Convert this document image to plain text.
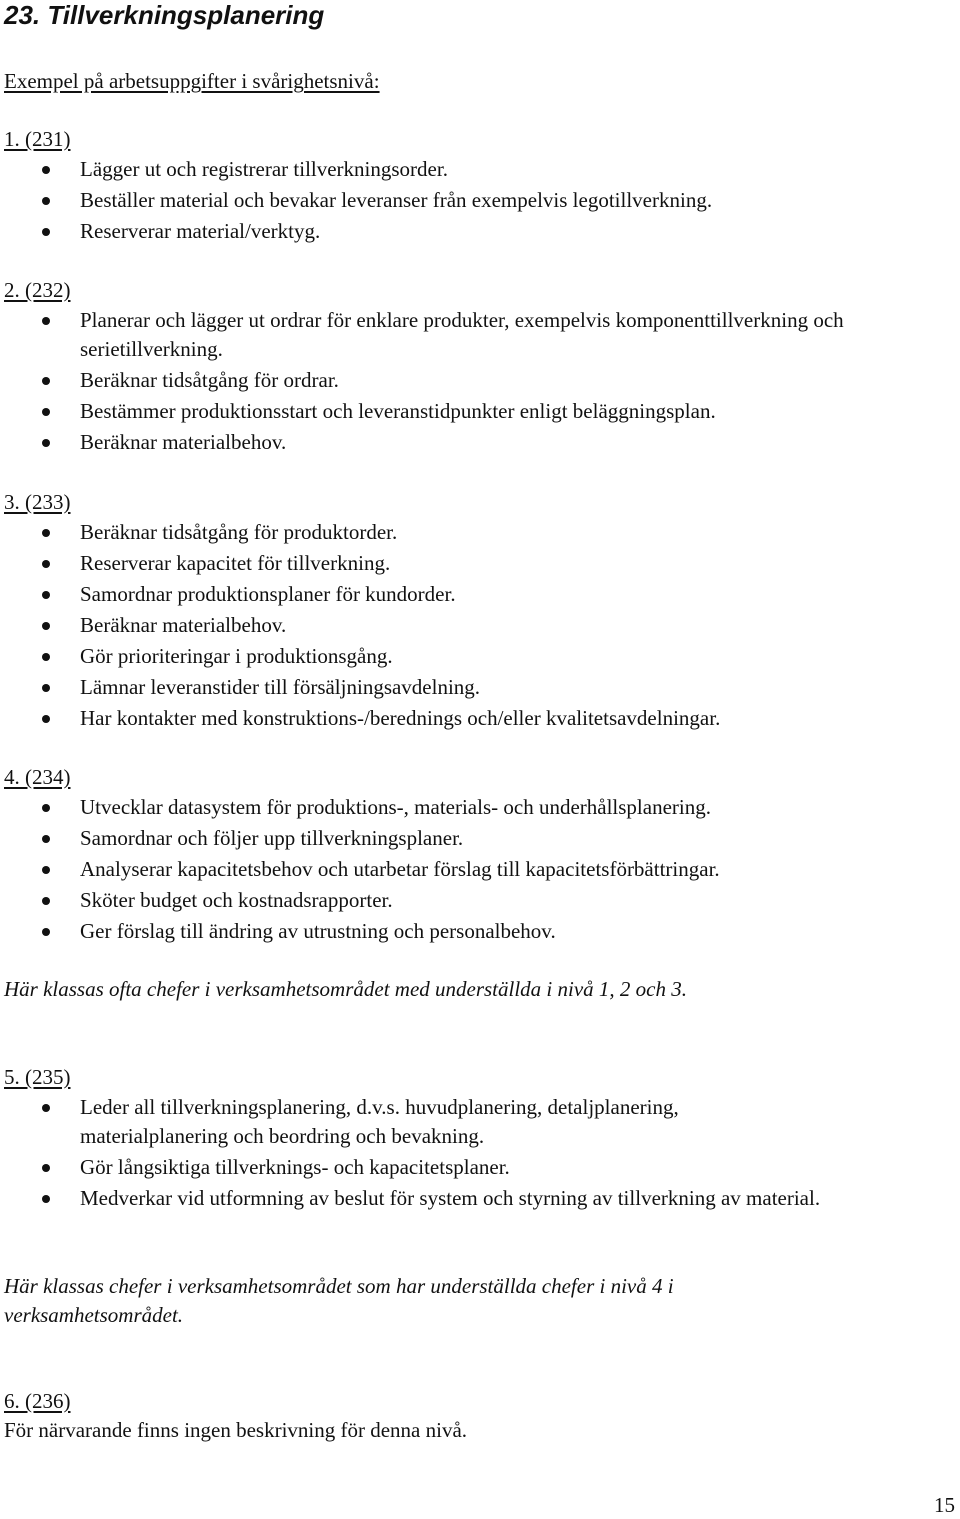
23. Tillverkningsplanering
Exempel på arbetsuppgifter i svårighetsnivå:
1. (231)
Lägger ut och registrerar tillverkningsorder.
Beställer material och bevakar leveranser från exempelvis legotillverkning.
Reserverar material/verktyg.
2. (232)
Planerar och lägger ut ordrar för enklare produkter, exempelvis komponenttillverkning och serietillverkning.
Beräknar tidsåtgång för ordrar.
Bestämmer produktionsstart och leveranstidpunkter enligt beläggningsplan.
Beräknar materialbehov.
3. (233)
Beräknar tidsåtgång för produktorder.
Reserverar kapacitet för tillverkning.
Samordnar produktionsplaner för kundorder.
Beräknar materialbehov.
Gör prioriteringar i produktionsgång.
Lämnar leveranstider till försäljningsavdelning.
Har kontakter med konstruktions-/berednings och/eller kvalitetsavdelningar.
4. (234)
Utvecklar datasystem för produktions-, materials- och underhållsplanering.
Samordnar och följer upp tillverkningsplaner.
Analyserar kapacitetsbehov och utarbetar förslag till kapacitetsförbättringar.
Sköter budget och kostnadsrapporter.
Ger förslag till ändring av utrustning och personalbehov.
Här klassas ofta chefer i verksamhetsområdet med underställda i nivå 1, 2 och 3.
5. (235)
Leder all tillverkningsplanering, d.v.s. huvudplanering, detaljplanering, materialplanering och beordring och bevakning.
Gör långsiktiga tillverknings- och kapacitetsplaner.
Medverkar vid utformning av beslut för system och styrning av tillverkning av material.
Här klassas chefer i verksamhetsområdet som har underställda chefer i nivå 4 i
verksamhetsområdet.
6. (236)
För närvarande finns ingen beskrivning för denna nivå.
15
